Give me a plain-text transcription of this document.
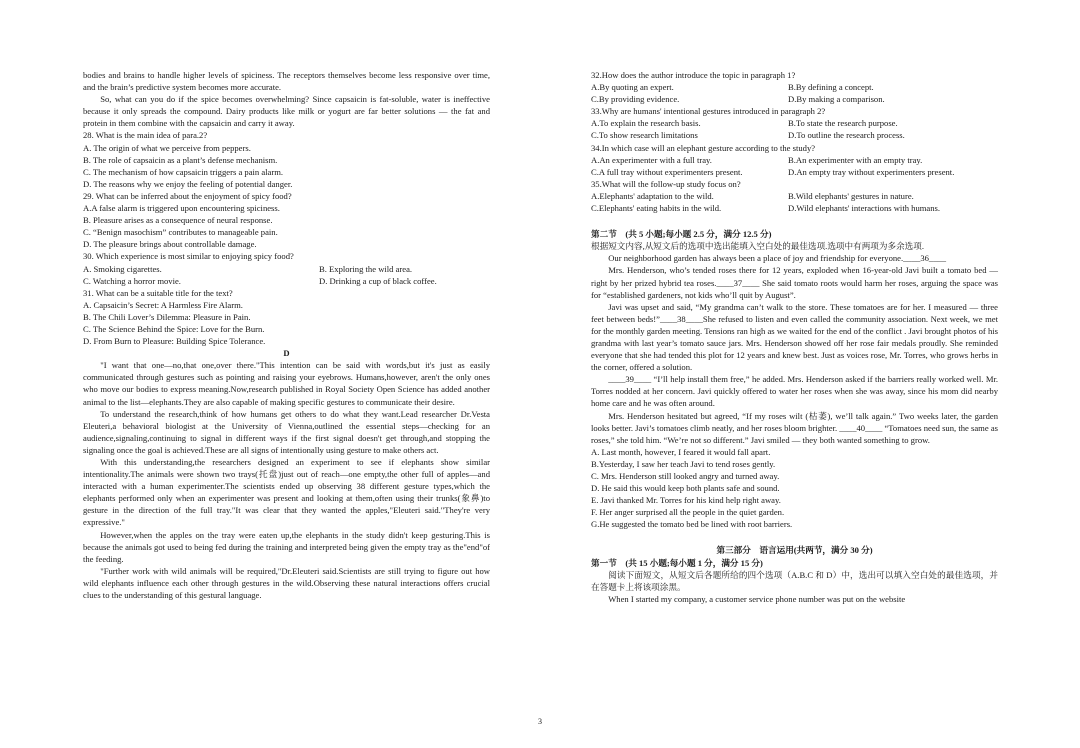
bodies and brains to handle higher levels of spiciness. The receptors themselves become less responsive over time, and the brain’s predictive system becomes more accurate.

So, what can you do if the spice becomes overwhelming? Since capsaicin is fat-soluble, water is ineffective because it only spreads the compound. Dairy products like milk or yogurt are far better solutions — the fat and protein in them combine with the capsaicin and carry it away.

28. What is the main idea of para.2?

A. The origin of what we perceive from peppers.

B. The role of capsaicin as a plant’s defense mechanism.

C. The mechanism of how capsaicin triggers a pain alarm.

D. The reasons why we enjoy the feeling of potential danger.

29. What can be inferred about the enjoyment of spicy food?

A.A false alarm is triggered upon encountering spiciness.

B. Pleasure arises as a consequence of neural response.

C. “Benign masochism” contributes to manageable pain.

D. The pleasure brings about controllable damage.

30. Which experience is most similar to enjoying spicy food?

A. Smoking cigarettes.	B. Exploring the wild area.
C. Watching a horror movie.	D. Drinking a cup of black coffee.

31. What can be a suitable title for the text?

A. Capsaicin’s Secret: A Harmless Fire Alarm.

B. The Chili Lover’s Dilemma: Pleasure in Pain.

C. The Science Behind the Spice: Love for the Burn.

D. From Burn to Pleasure: Building Spice Tolerance.

D

"I want that one—no,that one,over there."This intention can be said with words,but it's just as easily communicated through gestures such as pointing and raising your eyebrows. Humans,however, aren't the only ones who move our bodies to express meaning.Now,research published in Royal Society Open Science has added another animal to the list—elephants.They are also capable of making specific gestures to communicate their desire.

To understand the research,think of how humans get others to do what they want.Lead researcher Dr.Vesta Eleuteri,a behavioral biologist at the University of Vienna,outlined the essential steps—checking for an audience,signaling,continuing to signal in different ways if the first signal doesn't get through,and stopping the signaling once the goal is achieved.These are all signs of intentionally using gesture to make others act.

With this understanding,the researchers designed an experiment to see if elephants show similar intentionality.The animals were shown two trays(托盘)just out of reach—one empty,the other full of apples—and interacted with a human experimenter.The scientists ended up observing 38 different gesture types,which the elephants performed only when an experimenter was present and looking at them,often using their trunks(象鼻)to gesture in the direction of the full tray."It was clear that they wanted the apples,"Eleuteri said."They're very expressive."

However,when the apples on the tray were eaten up,the elephants in the study didn't keep gesturing.This is because the animals got used to being fed during the training and interpreted being given the empty tray as the"end"of the feeding.

"Further work with wild animals will be required,"Dr.Eleuteri said.Scientists are still trying to figure out how wild elephants influence each other through gestures in the wild.Observing these natural interactions offers crucial clues to the understanding of this gestural language.

32.How does the author introduce the topic in paragraph 1?

A.By quoting an expert.	B.By defining a concept.
C.By providing evidence.	D.By making a comparison.

33.Why are humans' intentional gestures introduced in paragraph 2?

A.To explain the research basis.	B.To state the research purpose.
C.To show research limitations	D.To outline the research process.

34.In which case will an elephant gesture according to the study?

A.An experimenter with a full tray.	B.An experimenter with an empty tray.
C.A full tray without experimenters present.	D.An empty tray without experimenters present.

35.What will the follow-up study focus on?

A.Elephants' adaptation to the wild.	B.Wild elephants' gestures in nature.
C.Elephants' eating habits in the wild.	D.Wild elephants' interactions with humans.

第二节　(共 5 小题;每小题 2.5 分，满分 12.5 分)

根据短文内容,从短文后的选项中选出能填入空白处的最佳选项.选项中有两项为多余选项.

Our neighborhood garden has always been a place of joy and friendship for everyone.____36____

Mrs. Henderson, who’s tended roses there for 12 years, exploded when 16-year-old Javi built a tomato bed — right by her prized hybrid tea roses.____37____ She said tomato roots would harm her roses, arguing the space was for “established gardeners, not kids who’ll quit by August”.

Javi was upset and said, “My grandma can’t walk to the store. These tomatoes are for her. I measured — three feet between beds!”____38____She refused to listen and even called the community association. Next week, we met for the monthly garden meeting. Tensions ran high as we waited for the end of the conflict . Javi brought photos of his grandma with last year’s tomato sauce jars. Mrs. Henderson showed off her rose fair medals proudly. She reminded everyone that she had tended this plot for 12 years and knew best. Just as voices rose, Mr. Torres, who grows herbs in the corner, offered a solution.

____39____ “I’ll help install them free,” he added. Mrs. Henderson asked if the barriers really worked well. Mr. Torres nodded at her concern. Javi quickly offered to water her roses when she was away, since his mom did nearby home care and he was often around.

Mrs. Henderson hesitated but agreed, “If my roses wilt (枯萎), we’ll talk again.” Two weeks later, the garden looks better. Javi’s tomatoes climb neatly, and her roses bloom brighter. ____40____ “Tomatoes need sun, the same as roses,” she told him. “We’re not so different.” Javi smiled — they both wanted something to grow.

A. Last month, however, I feared it would fall apart.

B.Yesterday, I saw her teach Javi to tend roses gently.

C. Mrs. Henderson still looked angry and turned away.

D. He said this would keep both plants safe and sound.

E. Javi thanked Mr. Torres for his kind help right away.

F. Her anger surprised all the people in the quiet garden.

G.He suggested the tomato bed be lined with root barriers.

第三部分　语言运用(共两节，满分 30 分)

第一节　(共 15 小题;每小题 1 分，满分 15 分)

阅读下面短文，从短文后各题所给的四个选项（A.B.C 和 D）中，选出可以填入空白处的最佳选项，并在答题卡上将该项涂黑。

When I started my company, a customer service phone number was put on the website

3
